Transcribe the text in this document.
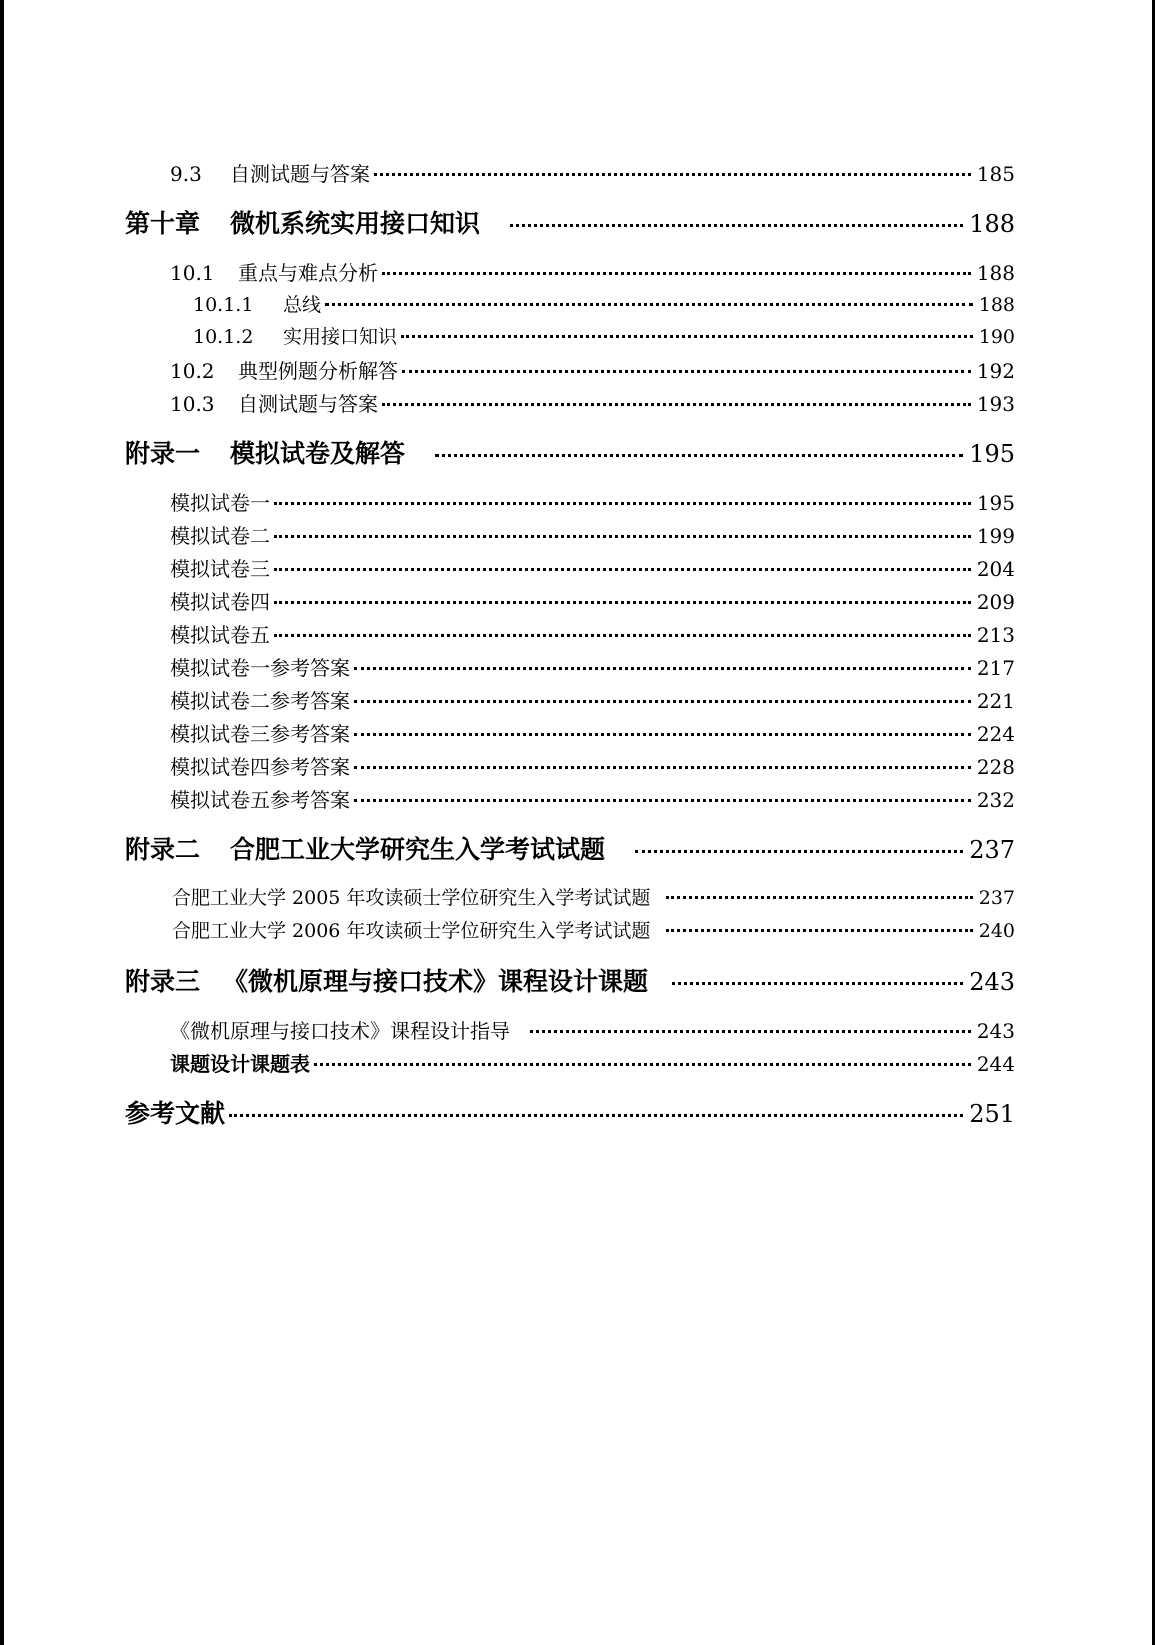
9.3	自测试题与答案	185
第十章	微机系统实用接口知识	188
10.1	重点与难点分析	188
10.1.1	总线	188
10.1.2	实用接口知识	190
10.2	典型例题分析解答	192
10.3	自测试题与答案	193
附录一	模拟试卷及解答	195
模拟试卷一	195
模拟试卷二	199
模拟试卷三	204
模拟试卷四	209
模拟试卷五	213
模拟试卷一参考答案	217
模拟试卷二参考答案	221
模拟试卷三参考答案	224
模拟试卷四参考答案	228
模拟试卷五参考答案	232
附录二	合肥工业大学研究生入学考试试题	237
合肥工业大学 2005 年攻读硕士学位研究生入学考试试题	237
合肥工业大学 2006 年攻读硕士学位研究生入学考试试题	240
附录三 《微机原理与接口技术》课程设计课题	243
《微机原理与接口技术》课程设计指导	243
课题设计课题表	244
参考文献	251
